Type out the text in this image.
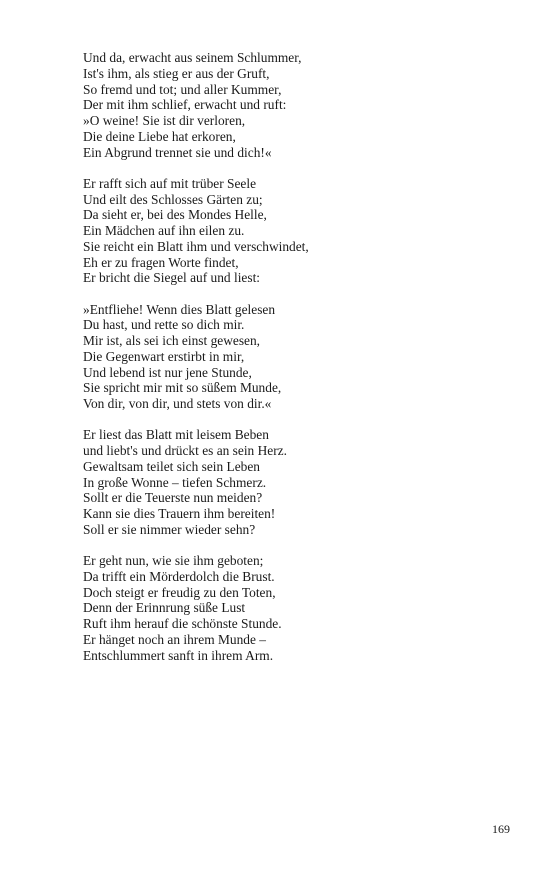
Und da, erwacht aus seinem Schlummer,
Ist's ihm, als stieg er aus der Gruft,
So fremd und tot; und aller Kummer,
Der mit ihm schlief, erwacht und ruft:
»O weine! Sie ist dir verloren,
Die deine Liebe hat erkoren,
Ein Abgrund trennet sie und dich!«
Er rafft sich auf mit trüber Seele
Und eilt des Schlosses Gärten zu;
Da sieht er, bei des Mondes Helle,
Ein Mädchen auf ihn eilen zu.
Sie reicht ein Blatt ihm und verschwindet,
Eh er zu fragen Worte findet,
Er bricht die Siegel auf und liest:
»Entfliehe! Wenn dies Blatt gelesen
Du hast, und rette so dich mir.
Mir ist, als sei ich einst gewesen,
Die Gegenwart erstirbt in mir,
Und lebend ist nur jene Stunde,
Sie spricht mir mit so süßem Munde,
Von dir, von dir, und stets von dir.«
Er liest das Blatt mit leisem Beben
und liebt's und drückt es an sein Herz.
Gewaltsam teilet sich sein Leben
In große Wonne – tiefen Schmerz.
Sollt er die Teuerste nun meiden?
Kann sie dies Trauern ihm bereiten!
Soll er sie nimmer wieder sehn?
Er geht nun, wie sie ihm geboten;
Da trifft ein Mörderdolch die Brust.
Doch steigt er freudig zu den Toten,
Denn der Erinnrung süße Lust
Ruft ihm herauf die schönste Stunde.
Er hänget noch an ihrem Munde –
Entschlummert sanft in ihrem Arm.
169
